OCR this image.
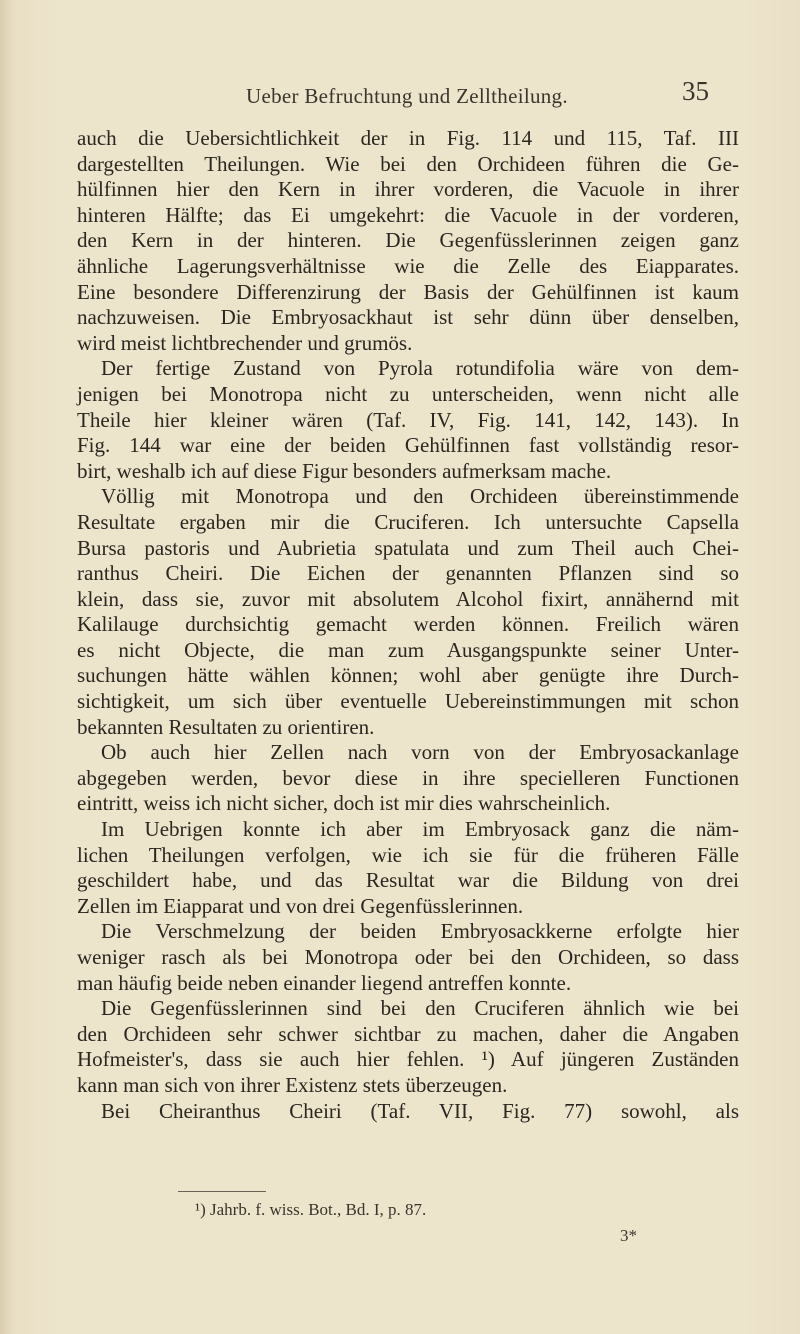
Ueber Befruchtung und Zelltheilung.	35
auch die Uebersichtlichkeit der in Fig. 114 und 115, Taf. III
dargestellten Theilungen. Wie bei den Orchideen führen die Ge-
hülfinnen hier den Kern in ihrer vorderen, die Vacuole in ihrer
hinteren Hälfte; das Ei umgekehrt: die Vacuole in der vorderen,
den Kern in der hinteren. Die Gegenfüsslerinnen zeigen ganz
ähnliche Lagerungsverhältnisse wie die Zelle des Eiapparates.
Eine besondere Differenzirung der Basis der Gehülfinnen ist kaum
nachzuweisen. Die Embryosackhaut ist sehr dünn über denselben,
wird meist lichtbrechender und grumös.
Der fertige Zustand von Pyrola rotundifolia wäre von dem-
jenigen bei Monotropa nicht zu unterscheiden, wenn nicht alle
Theile hier kleiner wären (Taf. IV, Fig. 141, 142, 143). In
Fig. 144 war eine der beiden Gehülfinnen fast vollständig resor-
birt, weshalb ich auf diese Figur besonders aufmerksam mache.
Völlig mit Monotropa und den Orchideen übereinstimmende
Resultate ergaben mir die Cruciferen. Ich untersuchte Capsella
Bursa pastoris und Aubrietia spatulata und zum Theil auch Chei-
ranthus Cheiri. Die Eichen der genannten Pflanzen sind so
klein, dass sie, zuvor mit absolutem Alcohol fixirt, annähernd mit
Kalilauge durchsichtig gemacht werden können. Freilich wären
es nicht Objecte, die man zum Ausgangspunkte seiner Unter-
suchungen hätte wählen können; wohl aber genügte ihre Durch-
sichtigkeit, um sich über eventuelle Uebereinstimmungen mit schon
bekannten Resultaten zu orientiren.
Ob auch hier Zellen nach vorn von der Embryosackanlage
abgegeben werden, bevor diese in ihre specielleren Functionen
eintritt, weiss ich nicht sicher, doch ist mir dies wahrscheinlich.
Im Uebrigen konnte ich aber im Embryosack ganz die näm-
lichen Theilungen verfolgen, wie ich sie für die früheren Fälle
geschildert habe, und das Resultat war die Bildung von drei
Zellen im Eiapparat und von drei Gegenfüsslerinnen.
Die Verschmelzung der beiden Embryosackkerne erfolgte hier
weniger rasch als bei Monotropa oder bei den Orchideen, so dass
man häufig beide neben einander liegend antreffen konnte.
Die Gegenfüsslerinnen sind bei den Cruciferen ähnlich wie bei
den Orchideen sehr schwer sichtbar zu machen, daher die Angaben
Hofmeister's, dass sie auch hier fehlen. ¹) Auf jüngeren Zuständen
kann man sich von ihrer Existenz stets überzeugen.
Bei Cheiranthus Cheiri (Taf. VII, Fig. 77) sowohl, als
¹) Jahrb. f. wiss. Bot., Bd. I, p. 87.
3*
